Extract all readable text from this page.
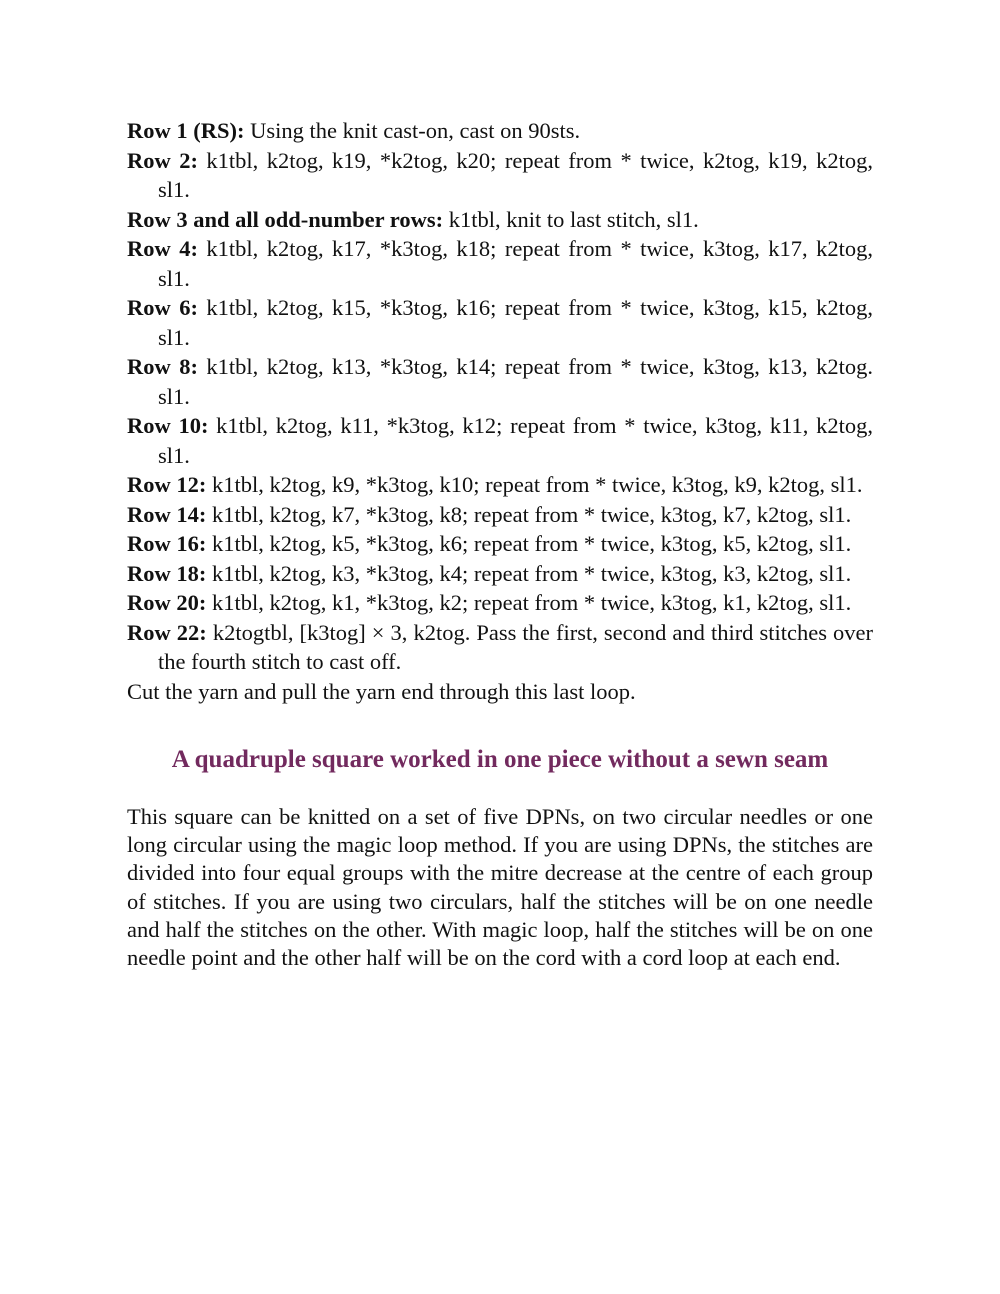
Row 1 (RS): Using the knit cast-on, cast on 90sts.

Row 2: k1tbl, k2tog, k19, *k2tog, k20; repeat from * twice, k2tog, k19, k2tog, sl1.

Row 3 and all odd-number rows: k1tbl, knit to last stitch, sl1.

Row 4: k1tbl, k2tog, k17, *k3tog, k18; repeat from * twice, k3tog, k17, k2tog, sl1.

Row 6: k1tbl, k2tog, k15, *k3tog, k16; repeat from * twice, k3tog, k15, k2tog, sl1.

Row 8: k1tbl, k2tog, k13, *k3tog, k14; repeat from * twice, k3tog, k13, k2tog. sl1.

Row 10: k1tbl, k2tog, k11, *k3tog, k12; repeat from * twice, k3tog, k11, k2tog, sl1.

Row 12: k1tbl, k2tog, k9, *k3tog, k10; repeat from * twice, k3tog, k9, k2tog, sl1.

Row 14: k1tbl, k2tog, k7, *k3tog, k8; repeat from * twice, k3tog, k7, k2tog, sl1.

Row 16: k1tbl, k2tog, k5, *k3tog, k6; repeat from * twice, k3tog, k5, k2tog, sl1.

Row 18: k1tbl, k2tog, k3, *k3tog, k4; repeat from * twice, k3tog, k3, k2tog, sl1.

Row 20: k1tbl, k2tog, k1, *k3tog, k2; repeat from * twice, k3tog, k1, k2tog, sl1.

Row 22: k2togtbl, [k3tog] × 3, k2tog. Pass the first, second and third stitches over the fourth stitch to cast off.

Cut the yarn and pull the yarn end through this last loop.

A quadruple square worked in one piece without a sewn seam

This square can be knitted on a set of five DPNs, on two circular needles or one long circular using the magic loop method. If you are using DPNs, the stitches are divided into four equal groups with the mitre decrease at the centre of each group of stitches. If you are using two circulars, half the stitches will be on one needle and half the stitches on the other. With magic loop, half the stitches will be on one needle point and the other half will be on the cord with a cord loop at each end.
